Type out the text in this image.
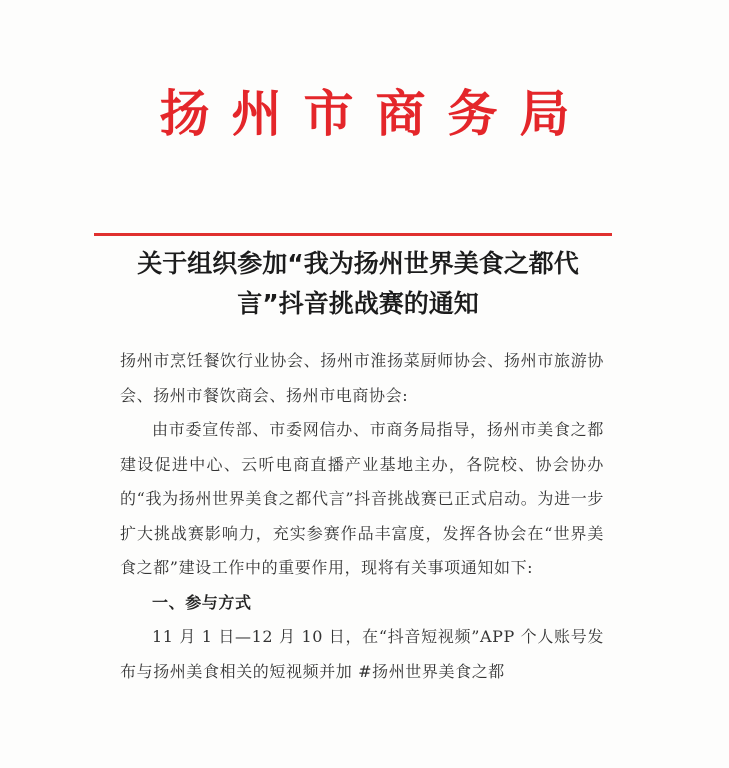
扬州市商务局
关于组织参加“我为扬州世界美食之都代言”抖音挑战赛的通知

扬州市烹饪餐饮行业协会、扬州市淮扬菜厨师协会、扬州市旅游协会、扬州市餐饮商会、扬州市电商协会:

由市委宣传部、市委网信办、市商务局指导，扬州市美食之都建设促进中心、云听电商直播产业基地主办，各院校、协会协办的“我为扬州世界美食之都代言”抖音挑战赛已正式启动。为进一步扩大挑战赛影响力，充实参赛作品丰富度，发挥各协会在“世界美食之都”建设工作中的重要作用，现将有关事项通知如下:

一、参与方式

11 月 1 日—12 月 10 日，在“抖音短视频”APP 个人账号发布与扬州美食相关的短视频并加 #扬州世界美食之都
